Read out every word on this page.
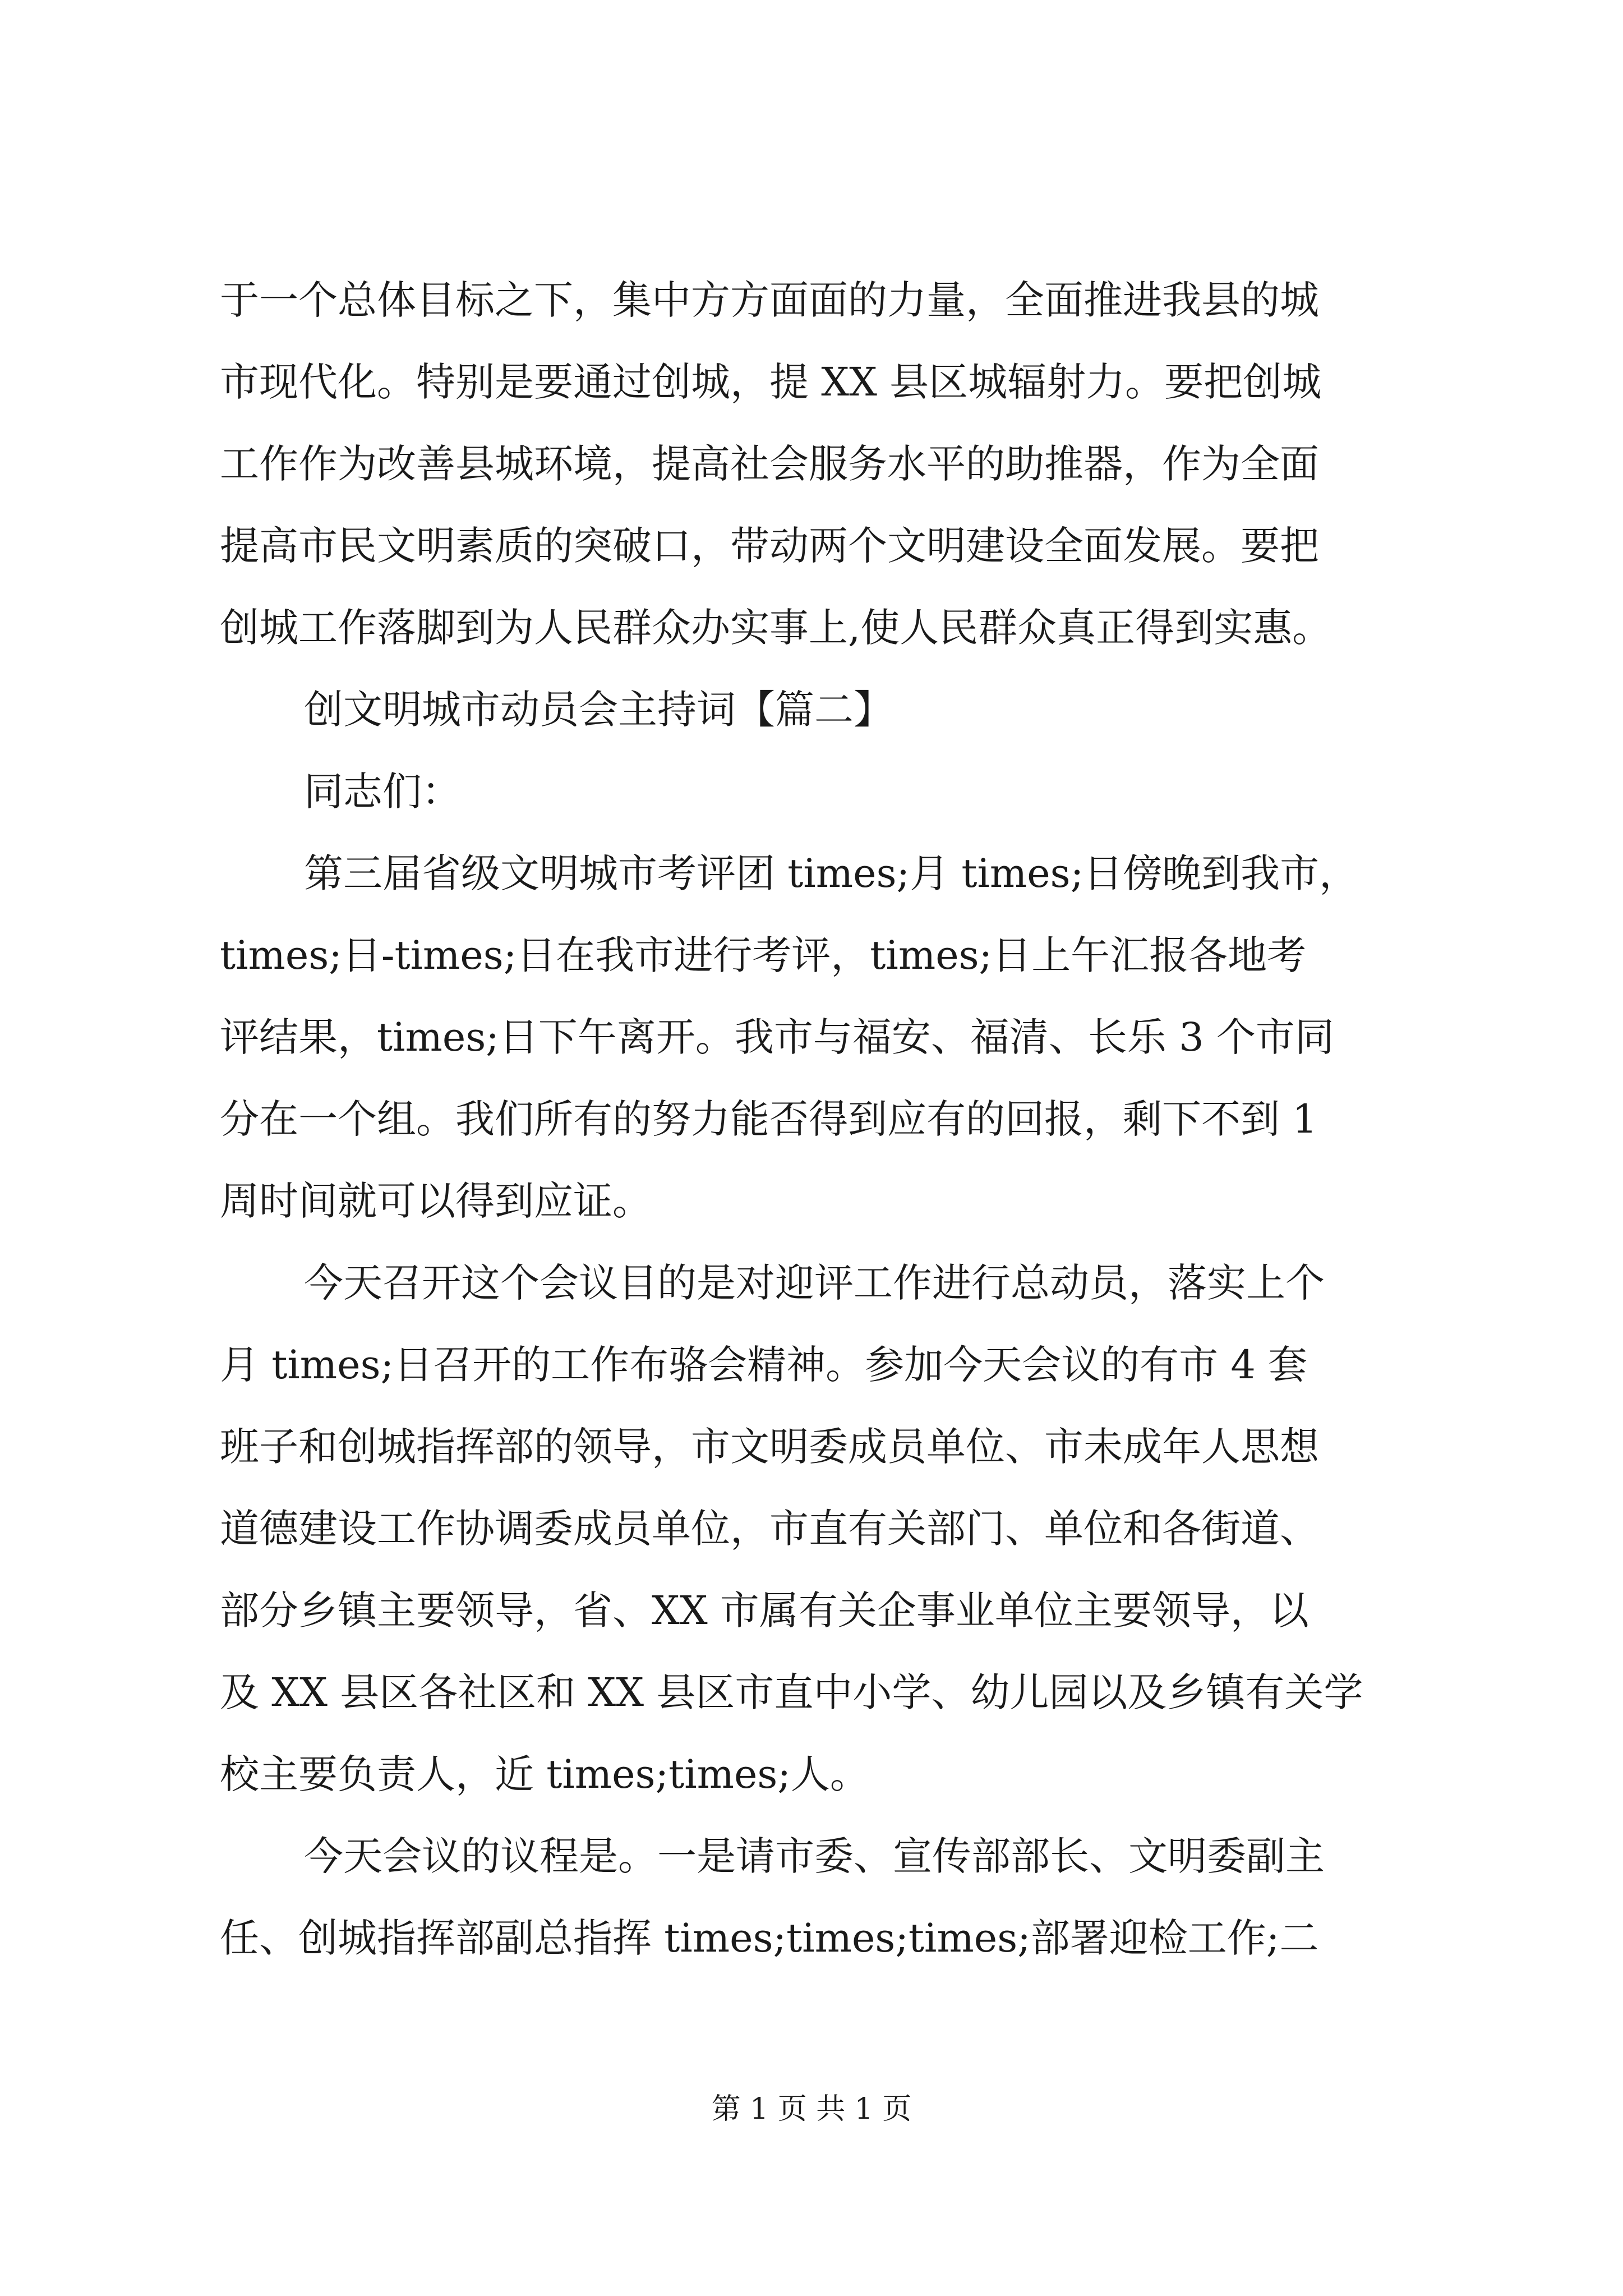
于一个总体目标之下，集中方方面面的力量，全面推进我县的城
市现代化。特别是要通过创城，提 XX 县区城辐射力。要把创城
工作作为改善县城环境，提高社会服务水平的助推器，作为全面
提高市民文明素质的突破口，带动两个文明建设全面发展。要把
创城工作落脚到为人民群众办实事上,使人民群众真正得到实惠。
创文明城市动员会主持词【篇二】
同志们：
第三届省级文明城市考评团 times;月 times;日傍晚到我市，
times;日-times;日在我市进行考评，times;日上午汇报各地考
评结果，times;日下午离开。我市与福安、福清、长乐 3 个市同
分在一个组。我们所有的努力能否得到应有的回报，剩下不到 1
周时间就可以得到应证。
今天召开这个会议目的是对迎评工作进行总动员，落实上个
月 times;日召开的工作布骆会精神。参加今天会议的有市 4 套
班子和创城指挥部的领导，市文明委成员单位、市未成年人思想
道德建设工作协调委成员单位，市直有关部门、单位和各街道、
部分乡镇主要领导，省、XX 市属有关企事业单位主要领导，以
及 XX 县区各社区和 XX 县区市直中小学、幼儿园以及乡镇有关学
校主要负责人，近 times;times;人。
今天会议的议程是。一是请市委、宣传部部长、文明委副主
任、创城指挥部副总指挥 times;times;times;部署迎检工作;二
第 1 页 共 1 页
